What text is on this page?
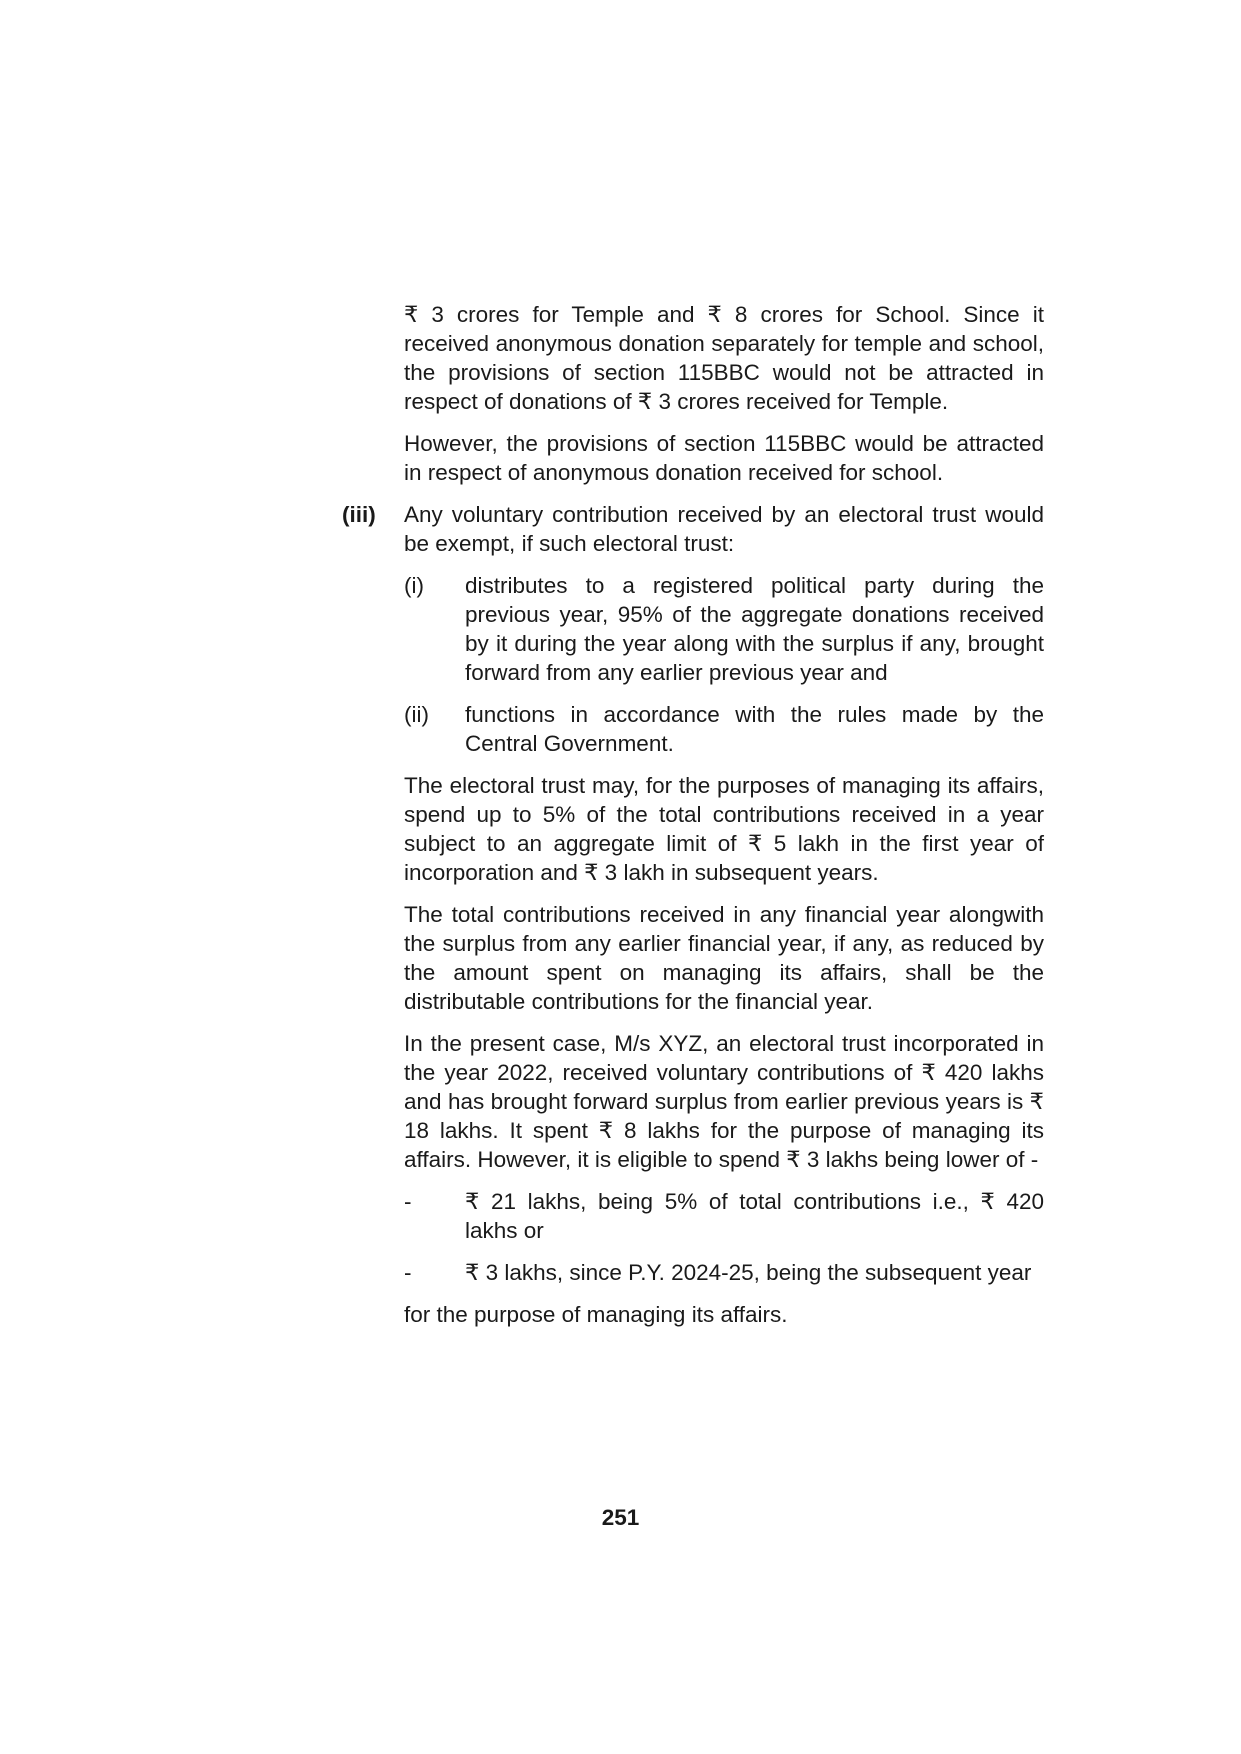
₹ 3 crores for Temple and ₹ 8 crores for School. Since it received anonymous donation separately for temple and school, the provisions of section 115BBC would not be attracted in respect of donations of ₹ 3 crores received for Temple.

However, the provisions of section 115BBC would be attracted in respect of anonymous donation received for school.

(iii) Any voluntary contribution received by an electoral trust would be exempt, if such electoral trust:

(i) distributes to a registered political party during the previous year, 95% of the aggregate donations received by it during the year along with the surplus if any, brought forward from any earlier previous year and

(ii) functions in accordance with the rules made by the Central Government.

The electoral trust may, for the purposes of managing its affairs, spend up to 5% of the total contributions received in a year subject to an aggregate limit of ₹ 5 lakh in the first year of incorporation and ₹ 3 lakh in subsequent years.

The total contributions received in any financial year alongwith the surplus from any earlier financial year, if any, as reduced by the amount spent on managing its affairs, shall be the distributable contributions for the financial year.

In the present case, M/s XYZ, an electoral trust incorporated in the year 2022, received voluntary contributions of ₹ 420 lakhs and has brought forward surplus from earlier previous years is ₹ 18 lakhs. It spent ₹ 8 lakhs for the purpose of managing its affairs. However, it is eligible to spend ₹ 3 lakhs being lower of -

- ₹ 21 lakhs, being 5% of total contributions i.e., ₹ 420 lakhs or

- ₹ 3 lakhs, since P.Y. 2024-25, being the subsequent year

for the purpose of managing its affairs.

251
